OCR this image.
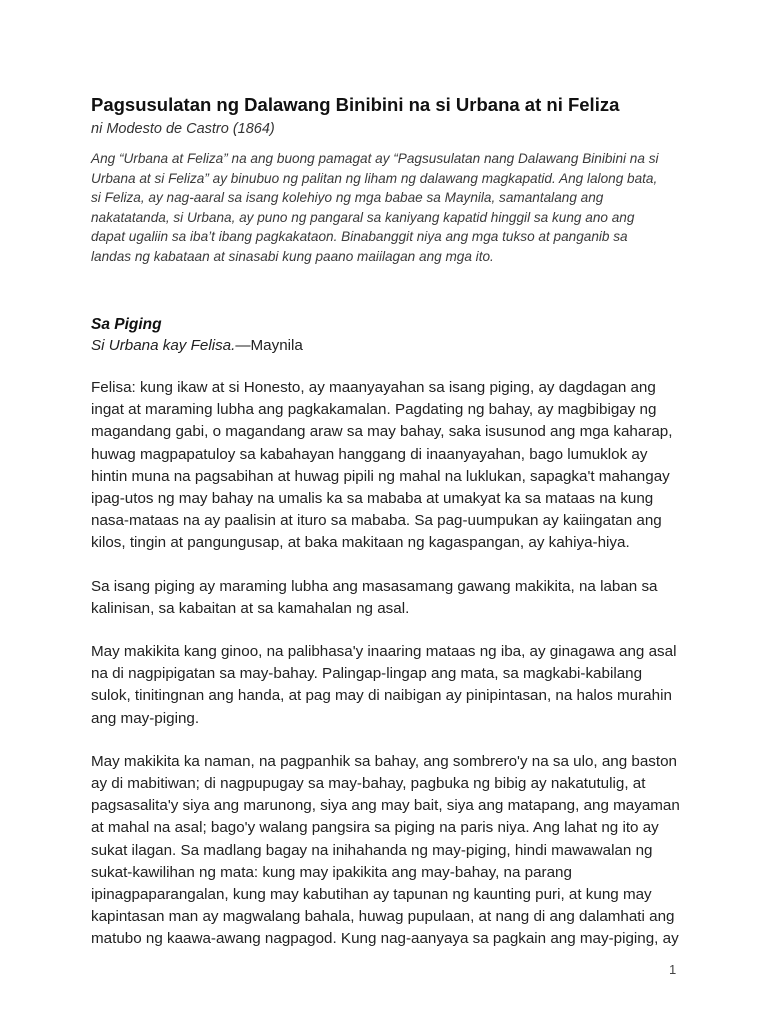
Pagsusulatan ng Dalawang Binibini na si Urbana at ni Feliza

ni Modesto de Castro (1864)

Ang “Urbana at Feliza” na ang buong pamagat ay “Pagsusulatan nang Dalawang Binibini na si
Urbana at si Feliza” ay binubuo ng palitan ng liham ng dalawang magkapatid. Ang lalong bata,
si Feliza, ay nag-aaral sa isang kolehiyo ng mga babae sa Maynila, samantalang ang
nakatatanda, si Urbana, ay puno ng pangaral sa kaniyang kapatid hinggil sa kung ano ang
dapat ugaliin sa iba’t ibang pagkakataon. Binabanggit niya ang mga tukso at panganib sa
landas ng kabataan at sinasabi kung paano maiilagan ang mga ito.

Sa Piging

Si Urbana kay Felisa.—Maynila

Felisa: kung ikaw at si Honesto, ay maanyayahan sa isang piging, ay dagdagan ang
ingat at maraming lubha ang pagkakamalan. Pagdating ng bahay, ay magbibigay ng
magandang gabi, o magandang araw sa may bahay, saka isusunod ang mga kaharap,
huwag magpapatuloy sa kabahayan hanggang di inaanyayahan, bago lumuklok ay
hintin muna na pagsabihan at huwag pipili ng mahal na luklukan, sapagka't mahangay
ipag-utos ng may bahay na umalis ka sa mababa at umakyat ka sa mataas na kung
nasa-mataas na ay paalisin at ituro sa mababa. Sa pag-uumpukan ay kaiingatan ang
kilos, tingin at pangungusap, at baka makitaan ng kagaspangan, ay kahiya-hiya.

Sa isang piging ay maraming lubha ang masasamang gawang makikita, na laban sa
kalinisan, sa kabaitan at sa kamahalan ng asal.

May makikita kang ginoo, na palibhasa'y inaaring mataas ng iba, ay ginagawa ang asal
na di nagpipigatan sa may-bahay. Palingap-lingap ang mata, sa magkabi-kabilang
sulok, tinitingnan ang handa, at pag may di naibigan ay pinipintasan, na halos murahin
ang may-piging.

May makikita ka naman, na pagpanhik sa bahay, ang sombrero'y na sa ulo, ang baston
ay di mabitiwan; di nagpupugay sa may-bahay, pagbuka ng bibig ay nakatutulig, at
pagsasalita'y siya ang marunong, siya ang may bait, siya ang matapang, ang mayaman
at mahal na asal; bago'y walang pangsira sa piging na paris niya. Ang lahat ng ito ay
sukat ilagan. Sa madlang bagay na inihahanda ng may-piging, hindi mawawalan ng
sukat-kawilihan ng mata: kung may ipakikita ang may-bahay, na parang
ipinagpaparangalan, kung may kabutihan ay tapunan ng kaunting puri, at kung may
kapintasan man ay magwalang bahala, huwag pupulaan, at nang di ang dalamhati ang
matubo ng kaawa-awang nagpagod. Kung nag-aanyaya sa pagkain ang may-piging, ay

1
